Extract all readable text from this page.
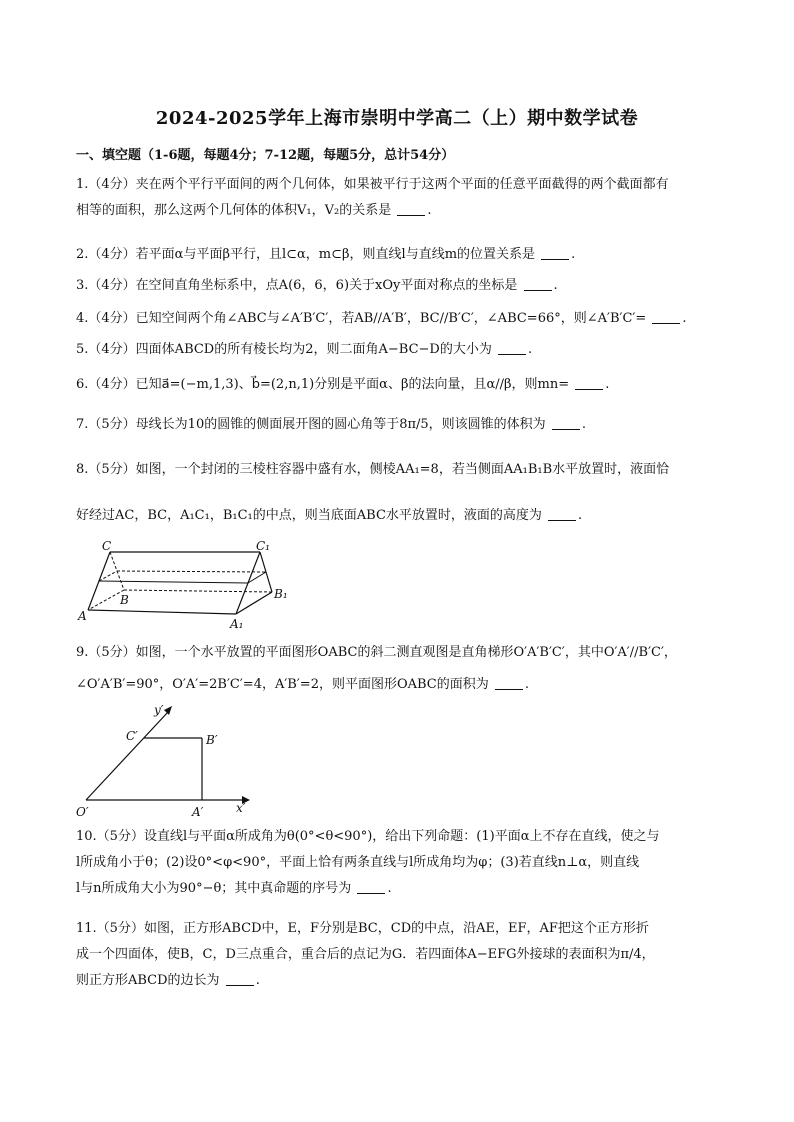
2024-2025学年上海市崇明中学高二（上）期中数学试卷
一、填空题（1-6题，每题4分；7-12题，每题5分，总计54分）
1.（4分）夹在两个平行平面间的两个几何体，如果被平行于这两个平面的任意平面截得的两个截面都有
相等的面积，那么这两个几何体的体积V₁，V₂的关系是	.
2.（4分）若平面α与平面β平行，且l⊂α，m⊂β，则直线l与直线m的位置关系是	.
3.（4分）在空间直角坐标系中，点A(6，6，6)关于xOy平面对称点的坐标是	.
4.（4分）已知空间两个角∠ABC与∠A′B′C′，若AB//A′B′，BC//B′C′，∠ABC=66°，则∠A′B′C′=	.
5.（4分）四面体ABCD的所有棱长均为2，则二面角A−BC−D的大小为	.
6.（4分）已知a⃗=(−m,1,3)、b⃗=(2,n,1)分别是平面α、β的法向量，且α//β，则mn=	.
7.（5分）母线长为10的圆锥的侧面展开图的圆心角等于8π/5，则该圆锥的体积为	.
8.（5分）如图，一个封闭的三棱柱容器中盛有水，侧棱AA₁=8，若当侧面AA₁B₁B水平放置时，液面恰
好经过AC，BC，A₁C₁，B₁C₁的中点，则当底面ABC水平放置时，液面的高度为	.
C	C₁
B	B₁
A
A₁
9.（5分）如图，一个水平放置的平面图形OABC的斜二测直观图是直角梯形O′A′B′C′，其中O′A′//B′C′，
∠O′A′B′=90°，O′A′=2B′C′=4，A′B′=2，则平面图形OABC的面积为	.
y′
C′	B′
O′	A′	x′
10.（5分）设直线l与平面α所成角为θ(0°<θ<90°)，给出下列命题：(1)平面α上不存在直线，使之与
l所成角小于θ；(2)设0°<φ<90°，平面上恰有两条直线与l所成角均为φ；(3)若直线n⊥α，则直线
l与n所成角大小为90°−θ；其中真命题的序号为	.
11.（5分）如图，正方形ABCD中，E，F分别是BC，CD的中点，沿AE，EF，AF把这个正方形折
成一个四面体，使B，C，D三点重合，重合后的点记为G．若四面体A−EFG外接球的表面积为π/4，
则正方形ABCD的边长为	.
